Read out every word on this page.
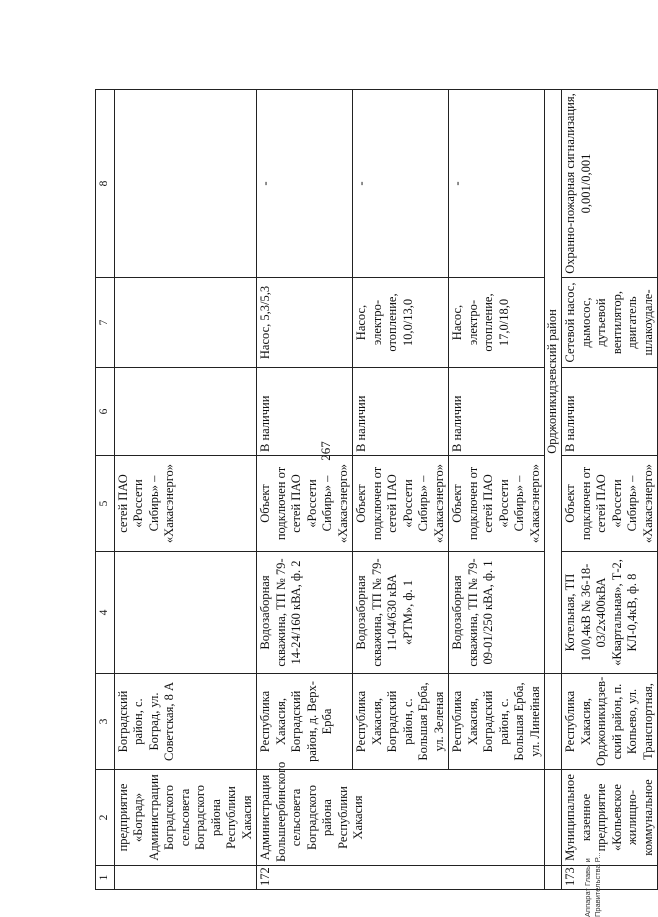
267
1	2	3	4	5	6	7	8
	предприятие «Боград» Администрации Боградского сельсовета Боградского района Республики Хакасия	Боградский район, с. Боград, ул. Советская, 8 А		сетей ПАО «Россети Сибирь» – «Хакасэнерго»			
172	Администрация Большеербинского сельсовета Боградского района Республики Хакасия	Республика Хакасия, Боградский район, д. Верх-Ерба	Водозаборная скважина, ТП № 79-14-24/160 кВА, ф. 2	Объект подключен от сетей ПАО «Россети Сибирь» – «Хакасэнерго»	В наличии	Насос, 5,3/5,3	-
		Республика Хакасия, Боградский район, с. Большая Ерба, ул. Зеленая	Водозаборная скважина, ТП № 79-11-04/630 кВА «РТМ», ф. 1	Объект подключен от сетей ПАО «Россети Сибирь» – «Хакасэнерго»	В наличии	Насос, электро-отопление, 10,0/13,0	-
		Республика Хакасия, Боградский район, с. Большая Ерба, ул. Линейная	Водозаборная скважина, ТП № 79-09-01/250 кВА, ф. 1	Объект подключен от сетей ПАО «Россети Сибирь» – «Хакасэнерго»	В наличии	Насос, электро-отопление, 17,0/18,0	-
			Орджоникидзевский район				
173	Муниципальное казенное предприятие «Копьевское жилищно-коммунальное	Республика Хакасия, Орджоникидзев-ский район, п. Копьево, ул. Транспортная,	Котельная, ТП 10/0,4кВ № 36-18-03/2х400кВА «Квартальная», Т-2, КЛ-0,4кВ, ф. 8	Объект подключен от сетей ПАО «Россети Сибирь» – «Хакасэнерго»	В наличии	Сетевой насос, дымосос, дутьевой вентилятор, двигатель шлакоудале-	Охранно-пожарная сигнализация, 0,001/0,001
Аппарат Главы и Правительства Р...
